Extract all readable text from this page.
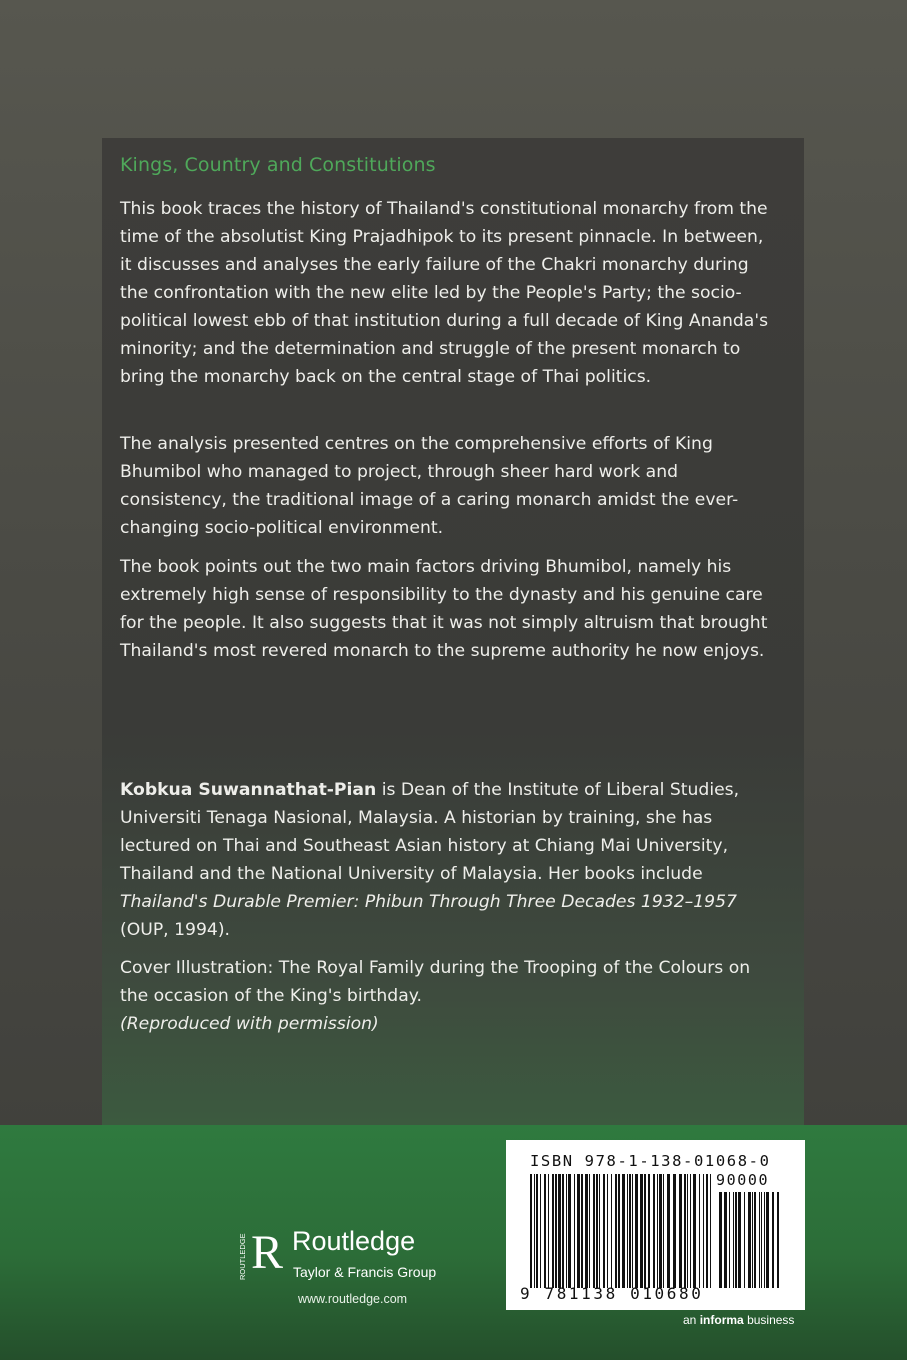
Kings, Country and Constitutions

This book traces the history of Thailand's constitutional monarchy from the time of the absolutist King Prajadhipok to its present pinnacle. In between, it discusses and analyses the early failure of the Chakri monarchy during the confrontation with the new elite led by the People's Party; the socio-political lowest ebb of that institution during a full decade of King Ananda's minority; and the determination and struggle of the present monarch to bring the monarchy back on the central stage of Thai politics.

The analysis presented centres on the comprehensive efforts of King Bhumibol who managed to project, through sheer hard work and consistency, the traditional image of a caring monarch amidst the ever-changing socio-political environment.

The book points out the two main factors driving Bhumibol, namely his extremely high sense of responsibility to the dynasty and his genuine care for the people. It also suggests that it was not simply altruism that brought Thailand's most revered monarch to the supreme authority he now enjoys.

Kobkua Suwannathat-Pian is Dean of the Institute of Liberal Studies, Universiti Tenaga Nasional, Malaysia. A historian by training, she has lectured on Thai and Southeast Asian history at Chiang Mai University, Thailand and the National University of Malaysia. Her books include Thailand's Durable Premier: Phibun Through Three Decades 1932–1957
(OUP, 1994).

Cover Illustration: The Royal Family during the Trooping of the Colours on the occasion of the King's birthday.
(Reproduced with permission)

ISBN 978-1-138-01068-0

90000

9 781138 010680

ROUTLEDGE R Routledge

Taylor & Francis Group

www.routledge.com

an informa business
